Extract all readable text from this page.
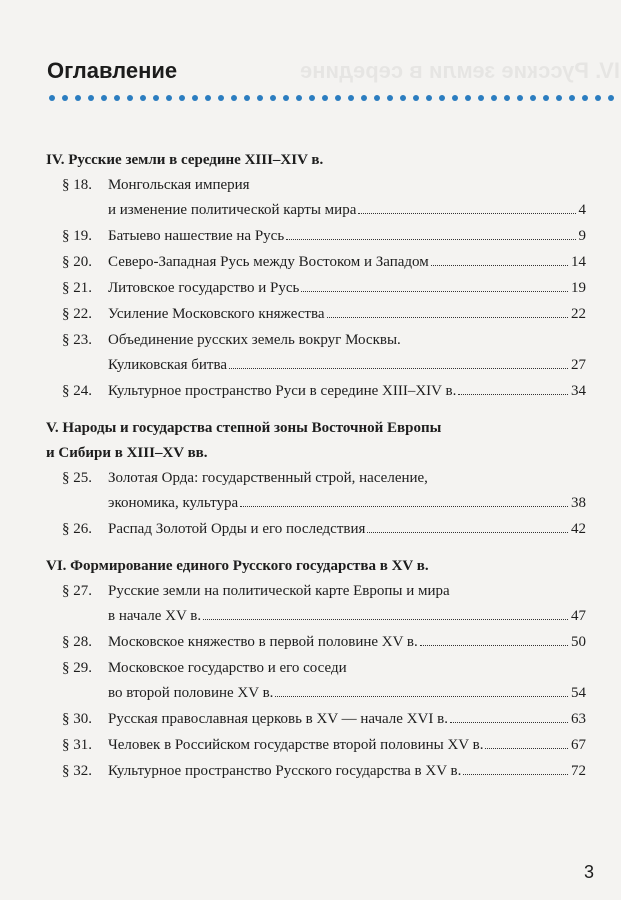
IV. Русские земли в середине
Оглавление
IV. Русские земли в середине XIII–XIV в.
§ 18.	Монгольская империя
и изменение политической карты мира	4
§ 19.	Батыево нашествие на Русь	9
§ 20.	Северо-Западная Русь между Востоком и Западом	14
§ 21.	Литовское государство и Русь	19
§ 22.	Усиление Московского княжества	22
§ 23.	Объединение русских земель вокруг Москвы.
Куликовская битва	27
§ 24.	Культурное пространство Руси в середине XIII–XIV в.	34
V. Народы и государства степной зоны Восточной Европы
и Сибири в XIII–XV вв.
§ 25.	Золотая Орда: государственный строй, население,
экономика, культура	38
§ 26.	Распад Золотой Орды и его последствия	42
VI. Формирование единого Русского государства в XV в.
§ 27.	Русские земли на политической карте Европы и мира
в начале XV в.	47
§ 28.	Московское княжество в первой половине XV в.	50
§ 29.	Московское государство и его соседи
во второй половине XV в.	54
§ 30.	Русская православная церковь в XV — начале XVI в.	63
§ 31.	Человек в Российском государстве второй половины XV в.	67
§ 32.	Культурное пространство Русского государства в XV в.	72
3
